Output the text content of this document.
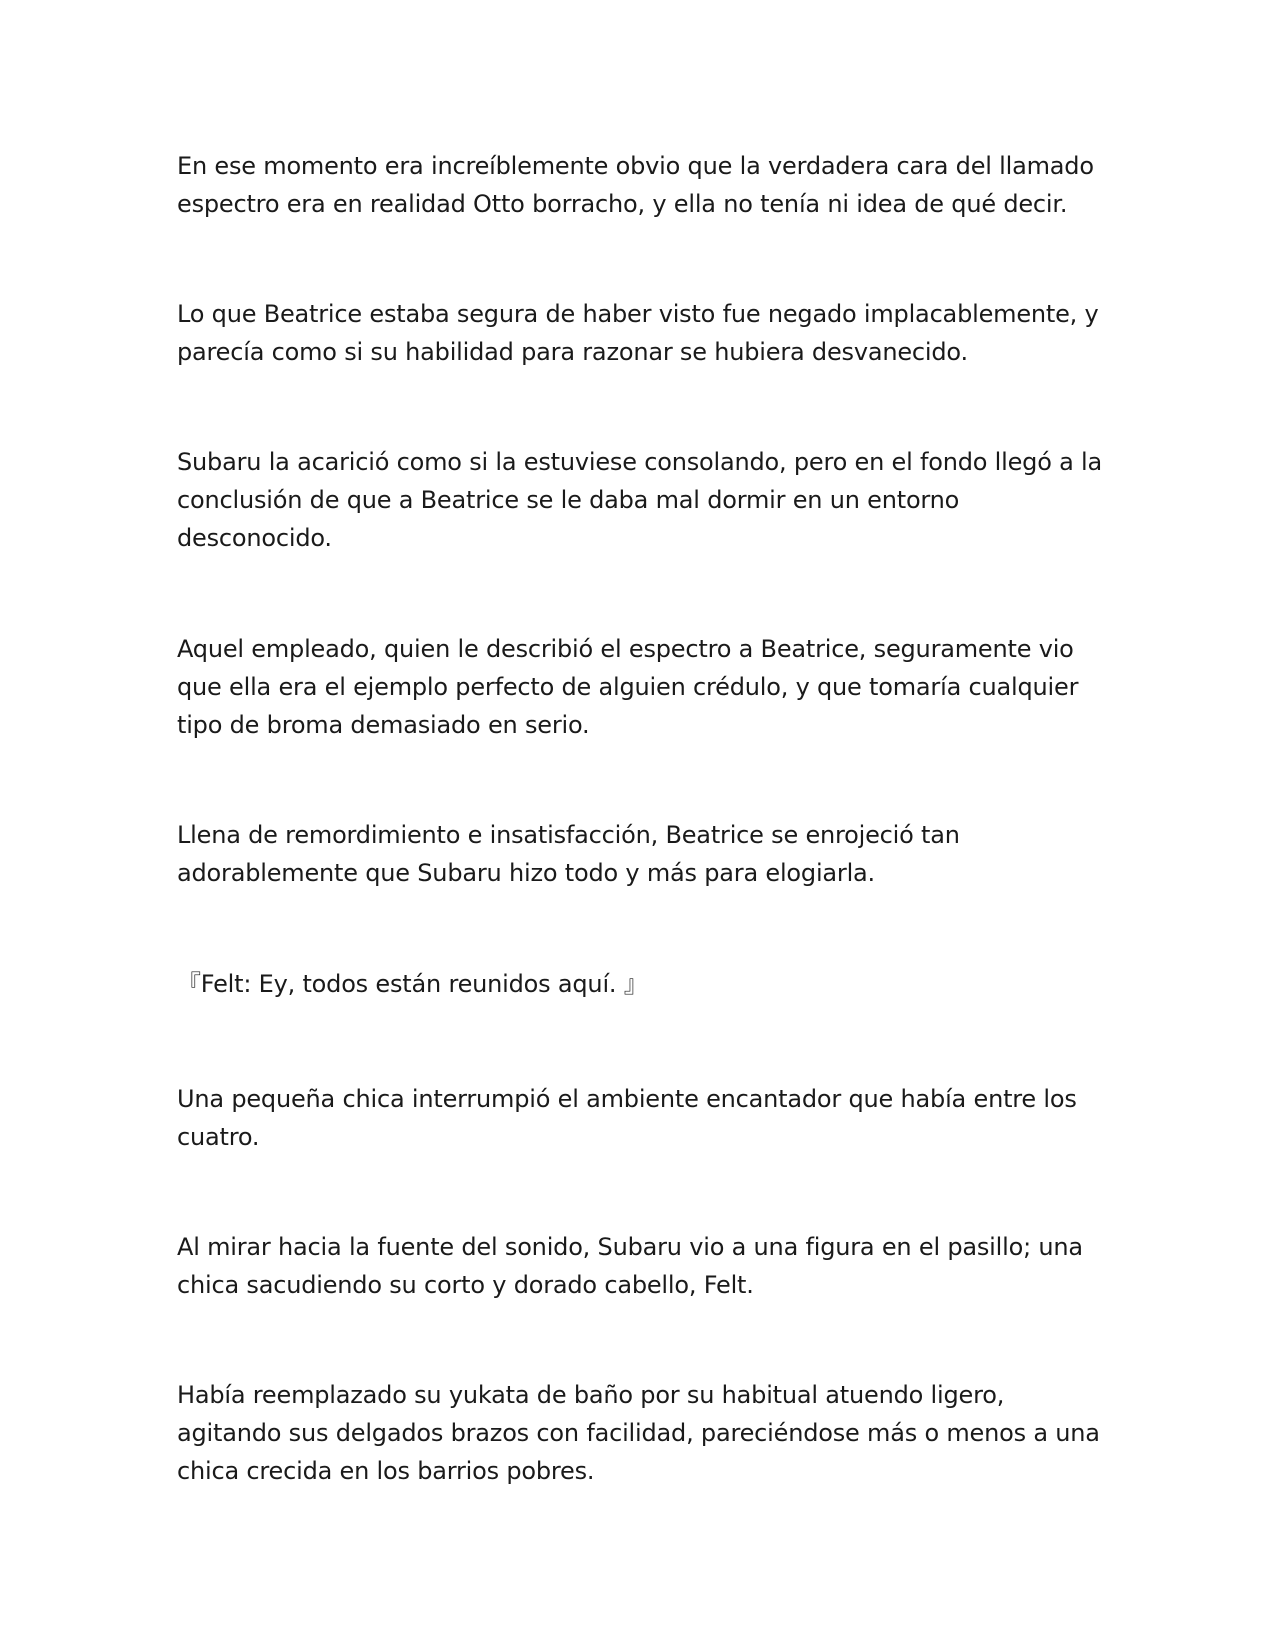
En ese momento era increíblemente obvio que la verdadera cara del llamado espectro era en realidad Otto borracho, y ella no tenía ni idea de qué decir.

Lo que Beatrice estaba segura de haber visto fue negado implacablemente, y parecía como si su habilidad para razonar se hubiera desvanecido.

Subaru la acarició como si la estuviese consolando, pero en el fondo llegó a la conclusión de que a Beatrice se le daba mal dormir en un entorno desconocido.

Aquel empleado, quien le describió el espectro a Beatrice, seguramente vio que ella era el ejemplo perfecto de alguien crédulo, y que tomaría cualquier tipo de broma demasiado en serio.

Llena de remordimiento e insatisfacción, Beatrice se enrojeció tan adorablemente que Subaru hizo todo y más para elogiarla.

『Felt: Ey, todos están reunidos aquí. 』

Una pequeña chica interrumpió el ambiente encantador que había entre los cuatro.

Al mirar hacia la fuente del sonido, Subaru vio a una figura en el pasillo; una chica sacudiendo su corto y dorado cabello, Felt.

Había reemplazado su yukata de baño por su habitual atuendo ligero, agitando sus delgados brazos con facilidad, pareciéndose más o menos a una chica crecida en los barrios pobres.
